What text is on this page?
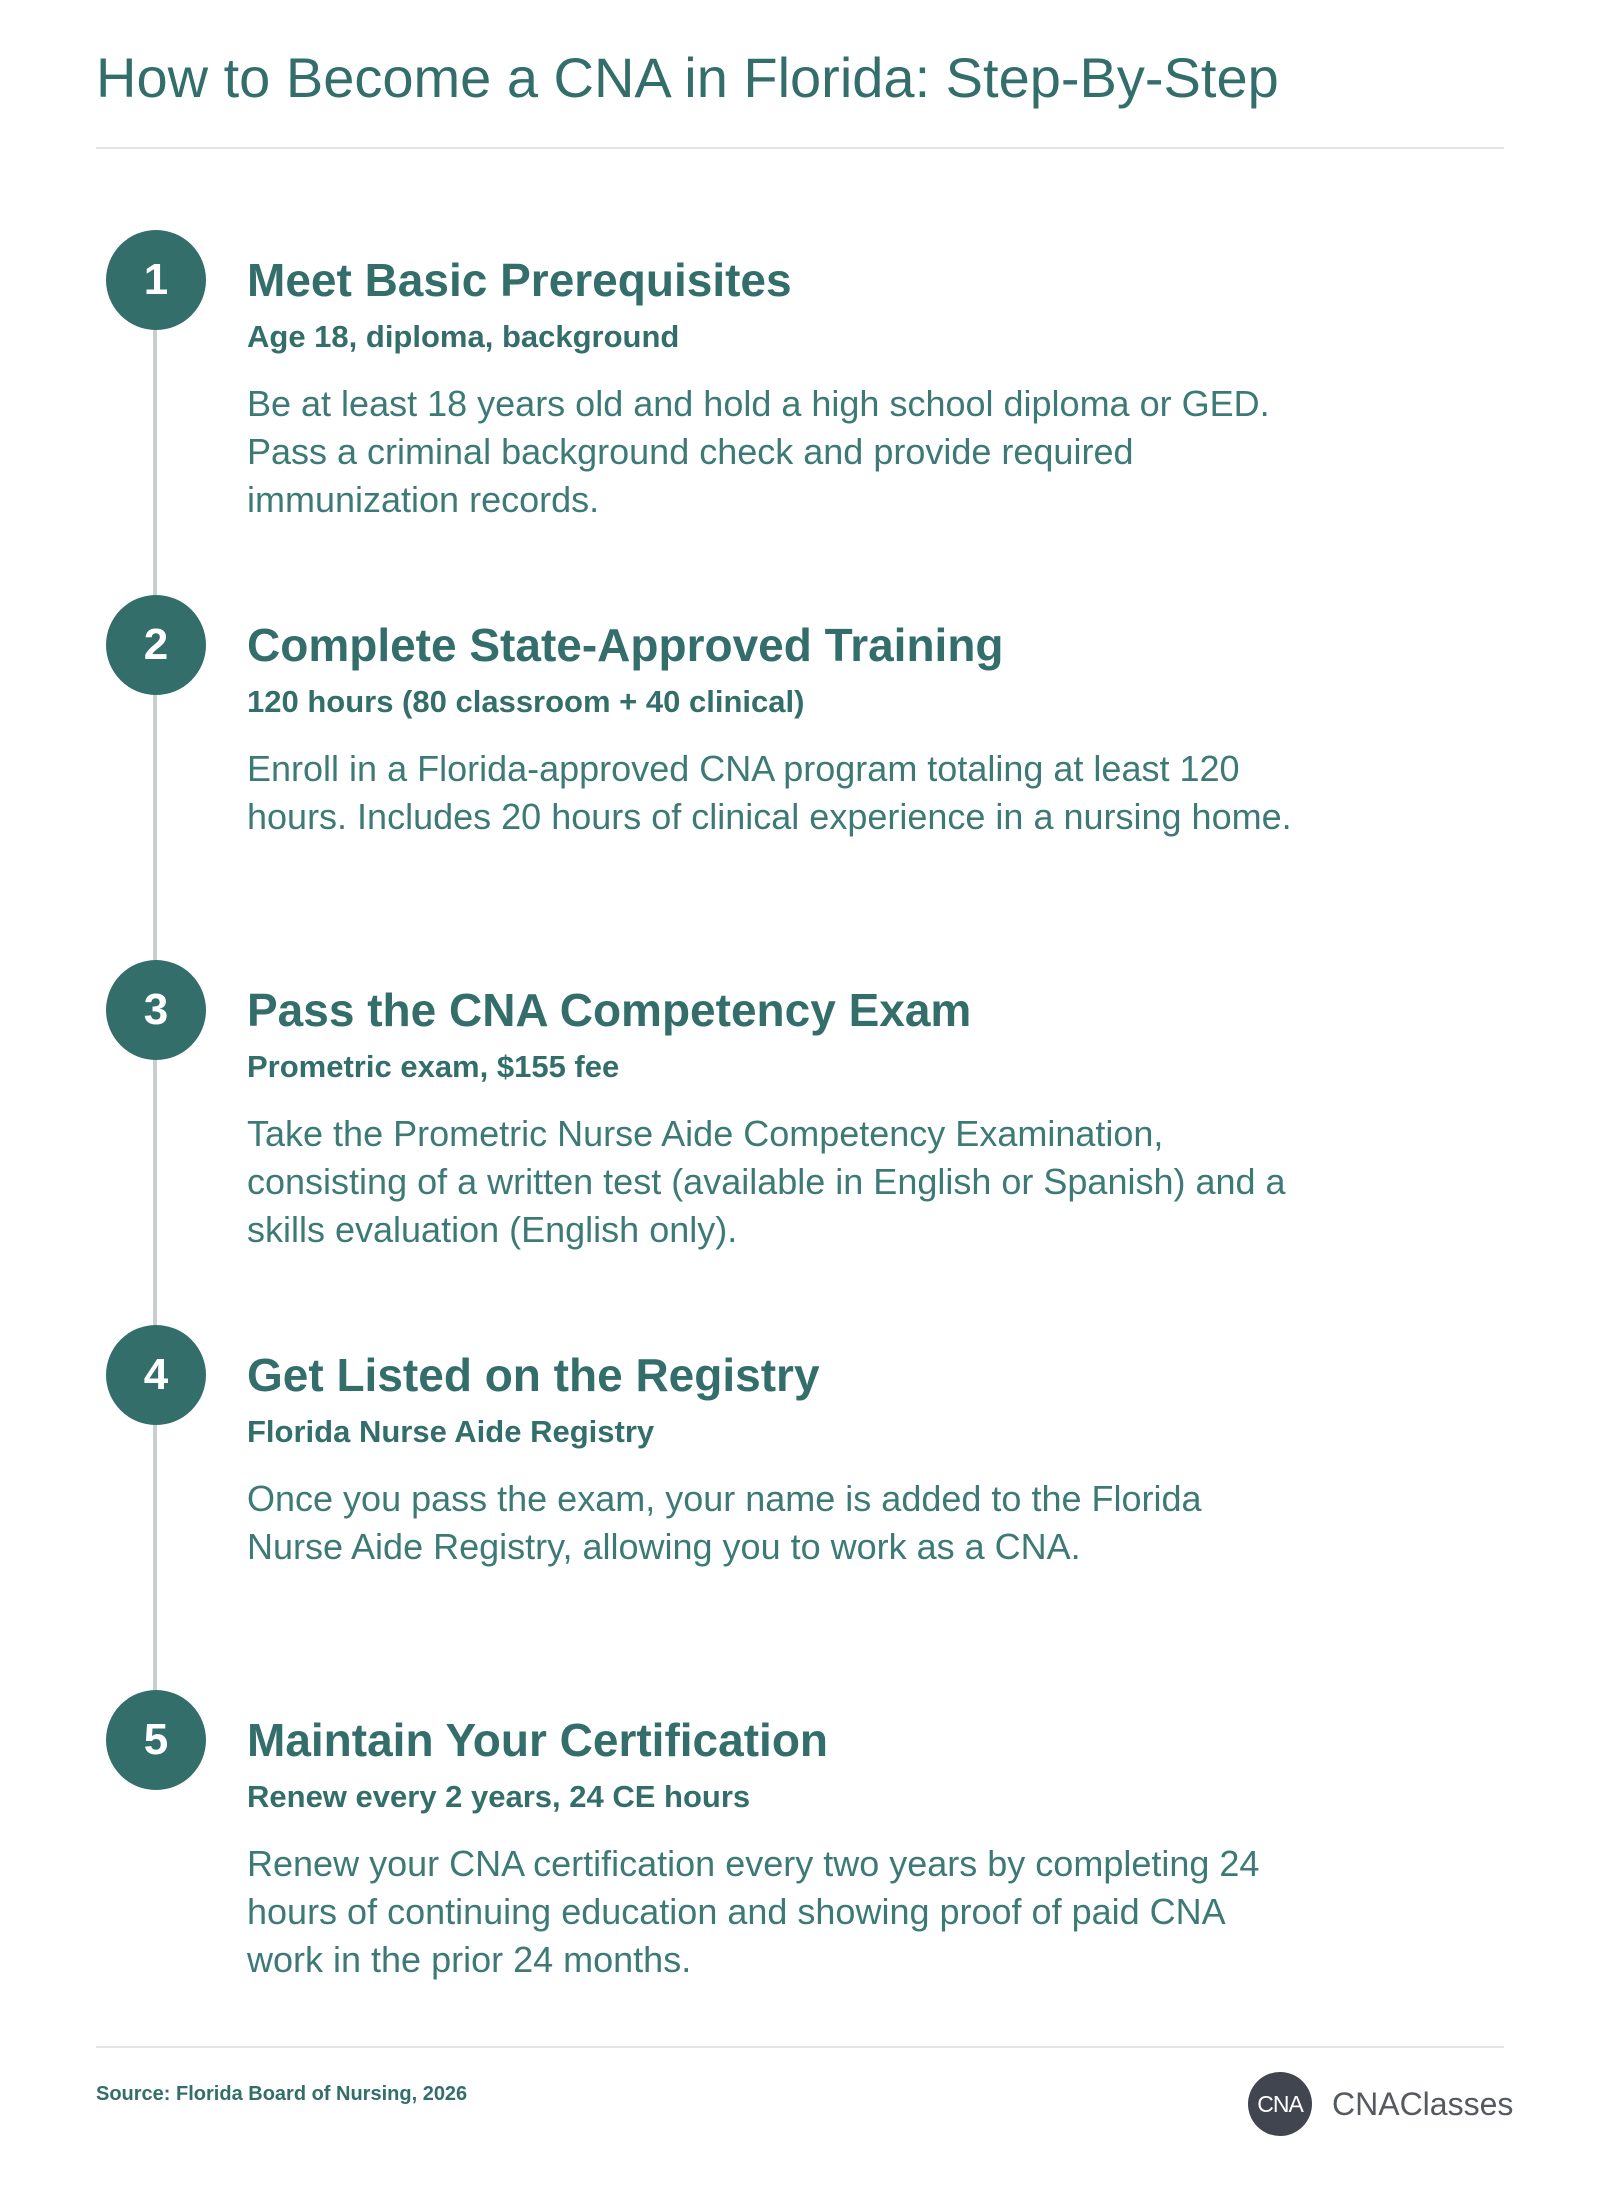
How to Become a CNA in Florida: Step-By-Step
1	Meet Basic Prerequisites
Age 18, diploma, background
Be at least 18 years old and hold a high school diploma or GED. Pass a criminal background check and provide required immunization records.
2	Complete State-Approved Training
120 hours (80 classroom + 40 clinical)
Enroll in a Florida-approved CNA program totaling at least 120 hours. Includes 20 hours of clinical experience in a nursing home.
3	Pass the CNA Competency Exam
Prometric exam, $155 fee
Take the Prometric Nurse Aide Competency Examination, consisting of a written test (available in English or Spanish) and a skills evaluation (English only).
4	Get Listed on the Registry
Florida Nurse Aide Registry
Once you pass the exam, your name is added to the Florida Nurse Aide Registry, allowing you to work as a CNA.
5	Maintain Your Certification
Renew every 2 years, 24 CE hours
Renew your CNA certification every two years by completing 24 hours of continuing education and showing proof of paid CNA work in the prior 24 months.
Source: Florida Board of Nursing, 2026	CNA CNAClasses
